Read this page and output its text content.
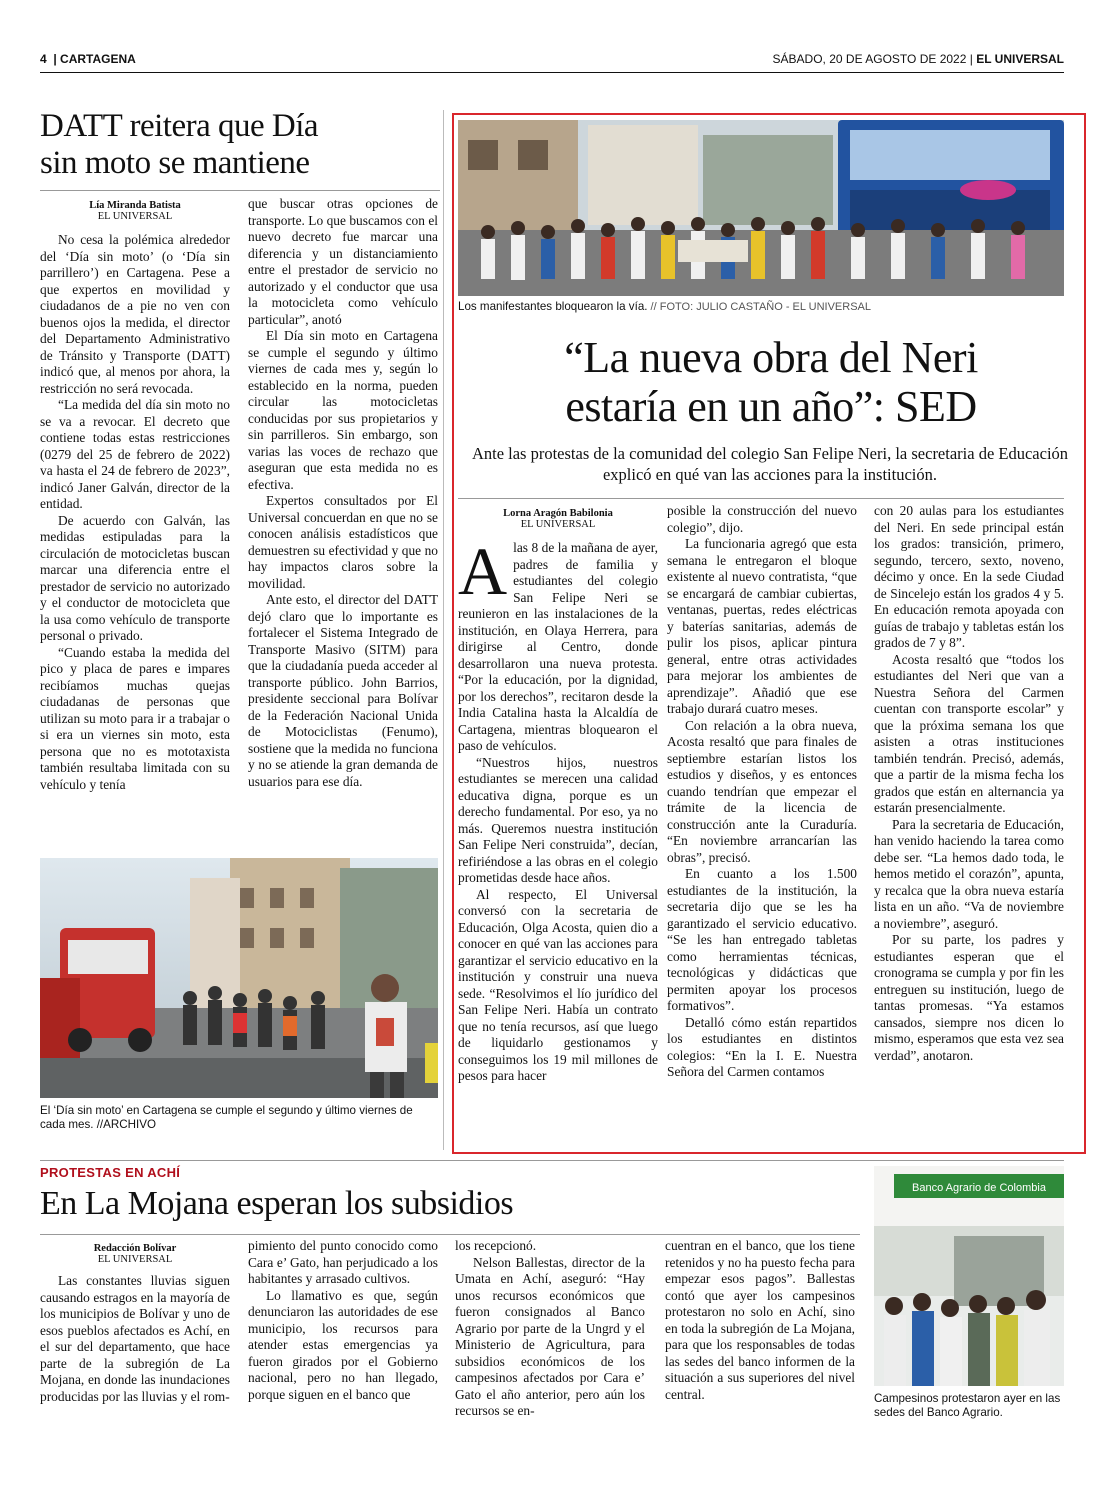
4  | CARTAGENA	SÁBADO, 20 DE AGOSTO DE 2022 | EL UNIVERSAL
DATT reitera que Día
sin moto se mantiene
Lía Miranda Batista
EL UNIVERSAL

No cesa la polémica alrededor del ‘Día sin moto’ (o ‘Día sin parrillero’) en Cartagena. Pese a que expertos en movilidad y ciudadanos de a pie no ven con buenos ojos la medida, el director del Departamento Administrativo de Tránsito y Transporte (DATT) indicó que, al menos por ahora, la restricción no será revocada.

“La medida del día sin moto no se va a revocar. El decreto que contiene todas estas restricciones (0279 del 25 de febrero de 2022) va hasta el 24 de febrero de 2023”, indicó Janer Galván, director de la entidad.

De acuerdo con Galván, las medidas estipuladas para la circulación de motocicletas buscan marcar una diferencia entre el prestador de servicio no autorizado y el conductor de motocicleta que la usa como vehículo de transporte personal o privado.

“Cuando estaba la medida del pico y placa de pares e impares recibíamos muchas quejas ciudadanas de personas que utilizan su moto para ir a trabajar o si era un viernes sin moto, esta persona que no es mototaxista también resultaba limitada con su vehículo y tenía

que buscar otras opciones de transporte. Lo que buscamos con el nuevo decreto fue marcar una diferencia y un distanciamiento entre el prestador de servicio no autorizado y el conductor que usa la motocicleta como vehículo particular”, anotó

El Día sin moto en Cartagena se cumple el segundo y último viernes de cada mes y, según lo establecido en la norma, pueden circular las motocicletas conducidas por sus propietarios y sin parrilleros. Sin embargo, son varias las voces de rechazo que aseguran que esta medida no es efectiva.

Expertos consultados por El Universal concuerdan en que no se conocen análisis estadísticos que demuestren su efectividad y que no hay impactos claros sobre la movilidad.

Ante esto, el director del DATT dejó claro que lo importante es fortalecer el Sistema Integrado de Transporte Masivo (SITM) para que la ciudadanía pueda acceder al transporte público. John Barrios, presidente seccional para Bolívar de la Federación Nacional Unida de Motociclistas (Fenumo), sostiene que la medida no funciona y no se atiende la gran demanda de usuarios para ese día.

El ‘Día sin moto’ en Cartagena se cumple el segundo y último viernes de cada mes. //ARCHIVO
Los manifestantes bloquearon la vía. // FOTO: JULIO CASTAÑO - EL UNIVERSAL
“La nueva obra del Neri
estaría en un año”: SED
Ante las protestas de la comunidad del colegio San Felipe Neri, la secretaria de Educación explicó en qué van las acciones para la institución.
Lorna Aragón Babilonia
EL UNIVERSAL

Alas 8 de la mañana de ayer, padres de familia y estudiantes del colegio San Felipe Neri se reunieron en las instalaciones de la institución, en Olaya Herrera, para dirigirse al Centro, donde desarrollaron una nueva protesta. “Por la educación, por la dignidad, por los derechos”, recitaron desde la India Catalina hasta la Alcaldía de Cartagena, mientras bloquearon el paso de vehículos.

“Nuestros hijos, nuestros estudiantes se merecen una calidad educativa digna, porque es un derecho fundamental. Por eso, ya no más. Queremos nuestra institución San Felipe Neri construida”, decían, refiriéndose a las obras en el colegio prometidas desde hace años.

Al respecto, El Universal conversó con la secretaria de Educación, Olga Acosta, quien dio a conocer en qué van las acciones para garantizar el servicio educativo en la institución y construir una nueva sede. “Resolvimos el lío jurídico del San Felipe Neri. Había un contrato que no tenía recursos, así que luego de liquidarlo gestionamos y conseguimos los 19 mil millones de pesos para hacer

posible la construcción del nuevo colegio”, dijo.

La funcionaria agregó que esta semana le entregaron el bloque existente al nuevo contratista, “que se encargará de cambiar cubiertas, ventanas, puertas, redes eléctricas y baterías sanitarias, además de pulir los pisos, aplicar pintura general, entre otras actividades para mejorar los ambientes de aprendizaje”. Añadió que ese trabajo durará cuatro meses.

Con relación a la obra nueva, Acosta resaltó que para finales de septiembre estarían listos los estudios y diseños, y es entonces cuando tendrían que empezar el trámite de la licencia de construcción ante la Curaduría. “En noviembre arrancarían las obras”, precisó.

En cuanto a los 1.500 estudiantes de la institución, la secretaria dijo que se les ha garantizado el servicio educativo. “Se les han entregado tabletas como herramientas técnicas, tecnológicas y didácticas que permiten apoyar los procesos formativos”.

Detalló cómo están repartidos los estudiantes en distintos colegios: “En la I. E. Nuestra Señora del Carmen contamos

con 20 aulas para los estudiantes del Neri. En sede principal están los grados: transición, primero, segundo, tercero, sexto, noveno, décimo y once. En la sede Ciudad de Sincelejo están los grados 4 y 5. En educación remota apoyada con guías de trabajo y tabletas están los grados de 7 y 8”.

Acosta resaltó que “todos los estudiantes del Neri que van a Nuestra Señora del Carmen cuentan con transporte escolar” y que la próxima semana los que asisten a otras instituciones también tendrán. Precisó, además, que a partir de la misma fecha los grados que están en alternancia ya estarán presencialmente.

Para la secretaria de Educación, han venido haciendo la tarea como debe ser. “La hemos dado toda, le hemos metido el corazón”, apunta, y recalca que la obra nueva estaría lista en un año. “Va de noviembre a noviembre”, aseguró.

Por su parte, los padres y estudiantes esperan que el cronograma se cumpla y por fin les entreguen su institución, luego de tantas promesas. “Ya estamos cansados, siempre nos dicen lo mismo, esperamos que esta vez sea verdad”, anotaron.

PROTESTAS EN ACHÍ
En La Mojana esperan los subsidios
Redacción Bolívar
EL UNIVERSAL

Las constantes lluvias siguen causando estragos en la mayoría de los municipios de Bolívar y uno de esos pueblos afectados es Achí, en el sur del departamento, que hace parte de la subregión de La Mojana, en donde las inundaciones producidas por las lluvias y el rom-

pimiento del punto conocido como Cara e’ Gato, han perjudicado a los habitantes y arrasado cultivos.

Lo llamativo es que, según denunciaron las autoridades de ese municipio, los recursos para atender estas emergencias ya fueron girados por el Gobierno nacional, pero no han llegado, porque siguen en el banco que

los recepcionó.

Nelson Ballestas, director de la Umata en Achí, aseguró: “Hay unos recursos económicos que fueron consignados al Banco Agrario por parte de la Ungrd y el Ministerio de Agricultura, para subsidios económicos de los campesinos afectados por Cara e’ Gato el año anterior, pero aún los recursos se en-

cuentran en el banco, que los tiene retenidos y no ha puesto fecha para empezar esos pagos”. Ballestas contó que ayer los campesinos protestaron no solo en Achí, sino en toda la subregión de La Mojana, para que los responsables de todas las sedes del banco informen de la situación a sus superiores del nivel central.

Banco Agrario de Colombia
Campesinos protestaron ayer en las sedes del Banco Agrario.
